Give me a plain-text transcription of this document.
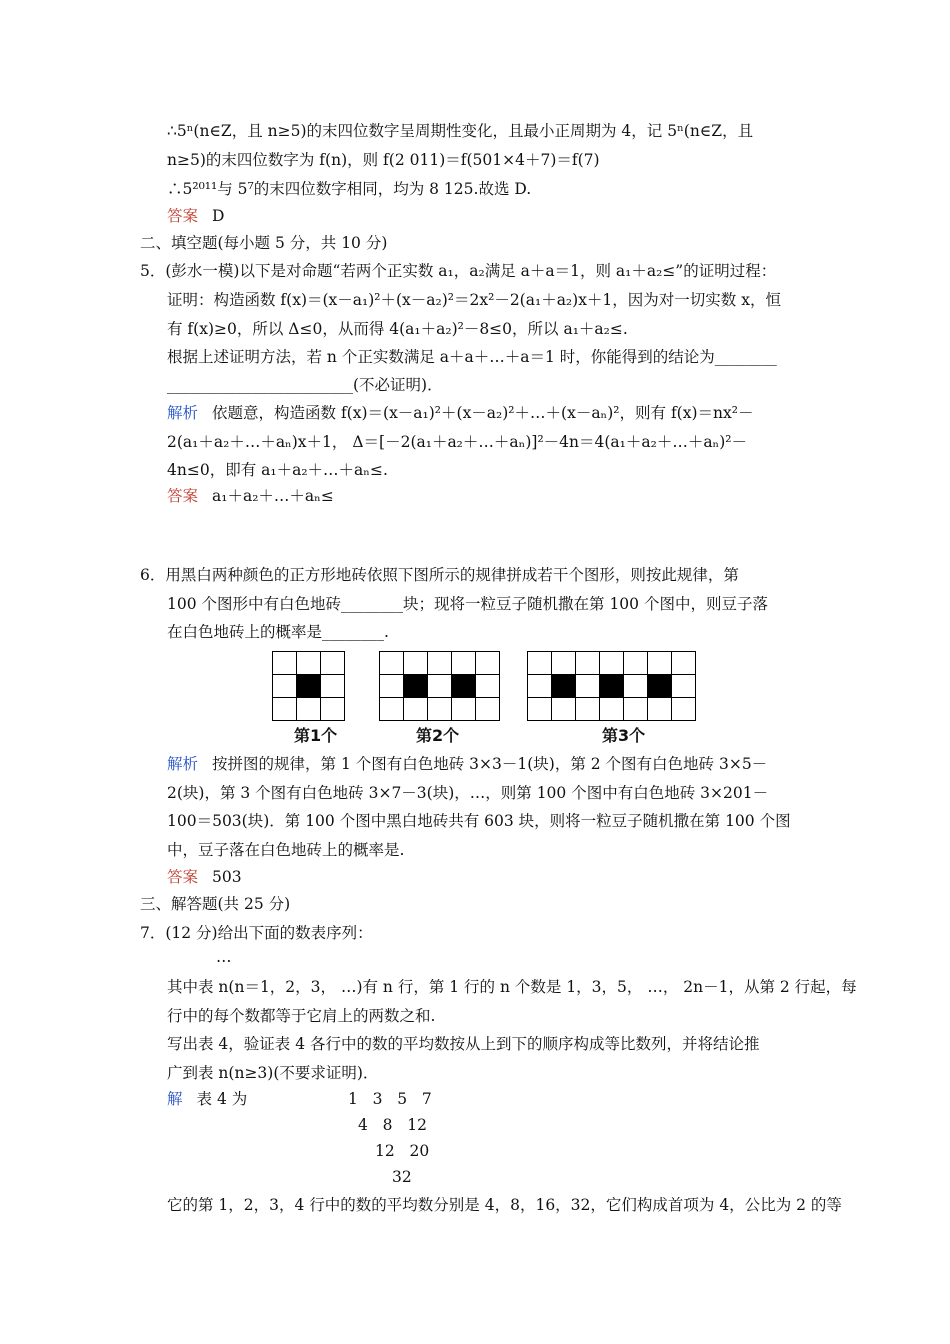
∴5ⁿ(n∈Z，且 n≥5)的末四位数字呈周期性变化，且最小正周期为 4，记 5ⁿ(n∈Z，且
n≥5)的末四位数字为 f(n)，则 f(2 011)＝f(501×4＋7)＝f(7)
∴5²⁰¹¹与 5⁷的末四位数字相同，均为 8 125.故选 D.
答案 D
二、填空题(每小题 5 分，共 10 分)
5．(彭水一模)以下是对命题“若两个正实数 a₁，a₂满足 a＋a＝1，则 a₁＋a₂≤”的证明过程：
证明：构造函数 f(x)＝(x－a₁)²＋(x－a₂)²＝2x²－2(a₁＋a₂)x＋1，因为对一切实数 x，恒
有 f(x)≥0，所以 Δ≤0，从而得 4(a₁＋a₂)²－8≤0，所以 a₁＋a₂≤.
根据上述证明方法，若 n 个正实数满足 a＋a＋…＋a＝1 时，你能得到的结论为________
________________________(不必证明)．
解析 依题意，构造函数 f(x)＝(x－a₁)²＋(x－a₂)²＋…＋(x－aₙ)²，则有 f(x)＝nx²－
2(a₁＋a₂＋…＋aₙ)x＋1， Δ＝[－2(a₁＋a₂＋…＋aₙ)]²－4n＝4(a₁＋a₂＋…＋aₙ)²－
4n≤0，即有 a₁＋a₂＋…＋aₙ≤.
答案 a₁＋a₂＋…＋aₙ≤
6．用黑白两种颜色的正方形地砖依照下图所示的规律拼成若干个图形，则按此规律，第
100 个图形中有白色地砖________块；现将一粒豆子随机撒在第 100 个图中，则豆子落
在白色地砖上的概率是________.

第1个

					第2个

							第3个
解析 按拼图的规律，第 1 个图有白色地砖 3×3－1(块)，第 2 个图有白色地砖 3×5－
2(块)，第 3 个图有白色地砖 3×7－3(块)，…，则第 100 个图中有白色地砖 3×201－
100＝503(块)．第 100 个图中黑白地砖共有 603 块，则将一粒豆子随机撒在第 100 个图
中，豆子落在白色地砖上的概率是.
答案 503
三、解答题(共 25 分)
7．(12 分)给出下面的数表序列：
…
其中表 n(n＝1，2，3， …)有 n 行，第 1 行的 n 个数是 1，3，5， …， 2n－1，从第 2 行起，每
行中的每个数都等于它肩上的两数之和.
写出表 4，验证表 4 各行中的数的平均数按从上到下的顺序构成等比数列，并将结论推
广到表 n(n≥3)(不要求证明)．
解 表 4 为	1   3   5   7
4   8   12
12   20
32
它的第 1，2，3，4 行中的数的平均数分别是 4，8，16，32，它们构成首项为 4，公比为 2 的等
